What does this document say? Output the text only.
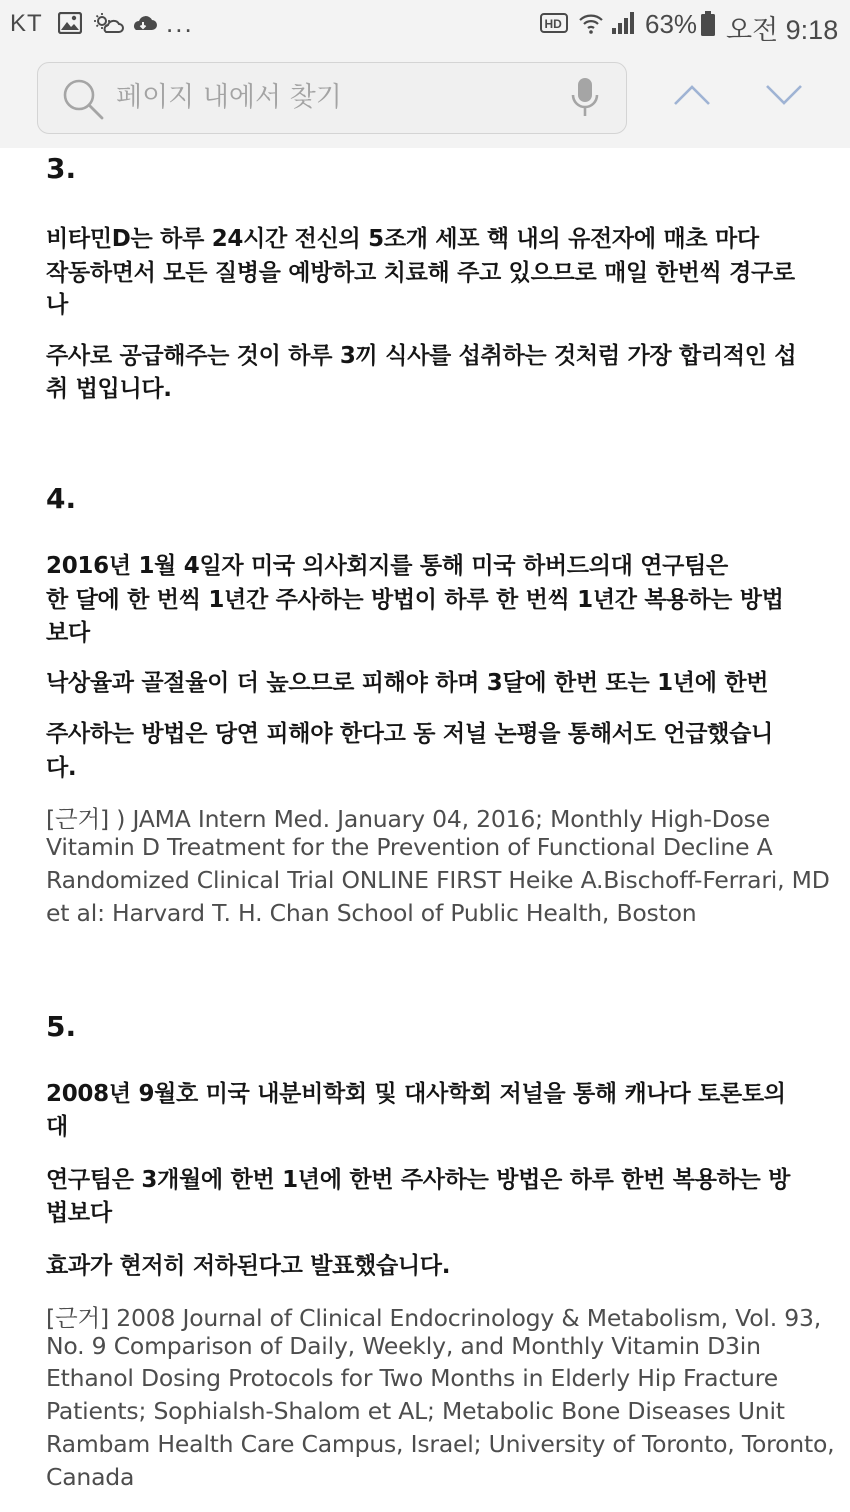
KT	...	HD	63% 오전 9:18
페이지 내에서 찾기

3.

비타민D는 하루 24시간 전신의 5조개 세포 핵 내의 유전자에 매초 마다

작동하면서 모든 질병을 예방하고 치료해 주고 있으므로 매일 한번씩 경구로

나

주사로 공급해주는 것이 하루 3끼 식사를 섭취하는 것처럼 가장 합리적인 섭

취 법입니다.

4.

2016년 1월 4일자 미국 의사회지를 통해 미국 하버드의대 연구팀은

한 달에 한 번씩 1년간 주사하는 방법이 하루 한 번씩 1년간 복용하는 방법

보다

낙상율과 골절율이 더 높으므로 피해야 하며 3달에 한번 또는 1년에 한번

주사하는 방법은 당연 피해야 한다고 동 저널 논평을 통해서도 언급했습니

다.

[근거] ) JAMA Intern Med. January 04, 2016; Monthly High-Dose

Vitamin D Treatment for the Prevention of Functional Decline A

Randomized Clinical Trial ONLINE FIRST Heike A.Bischoff-Ferrari, MD

et al: Harvard T. H. Chan School of Public Health, Boston

5.

2008년 9월호 미국 내분비학회 및 대사학회 저널을 통해 캐나다 토론토의

대

연구팀은 3개월에 한번 1년에 한번 주사하는 방법은 하루 한번 복용하는 방

법보다

효과가 현저히 저하된다고 발표했습니다.

[근거] 2008 Journal of Clinical Endocrinology & Metabolism, Vol. 93,

No. 9 Comparison of Daily, Weekly, and Monthly Vitamin D3in

Ethanol Dosing Protocols for Two Months in Elderly Hip Fracture

Patients; Sophialsh-Shalom et AL; Metabolic Bone Diseases Unit

Rambam Health Care Campus, Israel; University of Toronto, Toronto,

Canada
